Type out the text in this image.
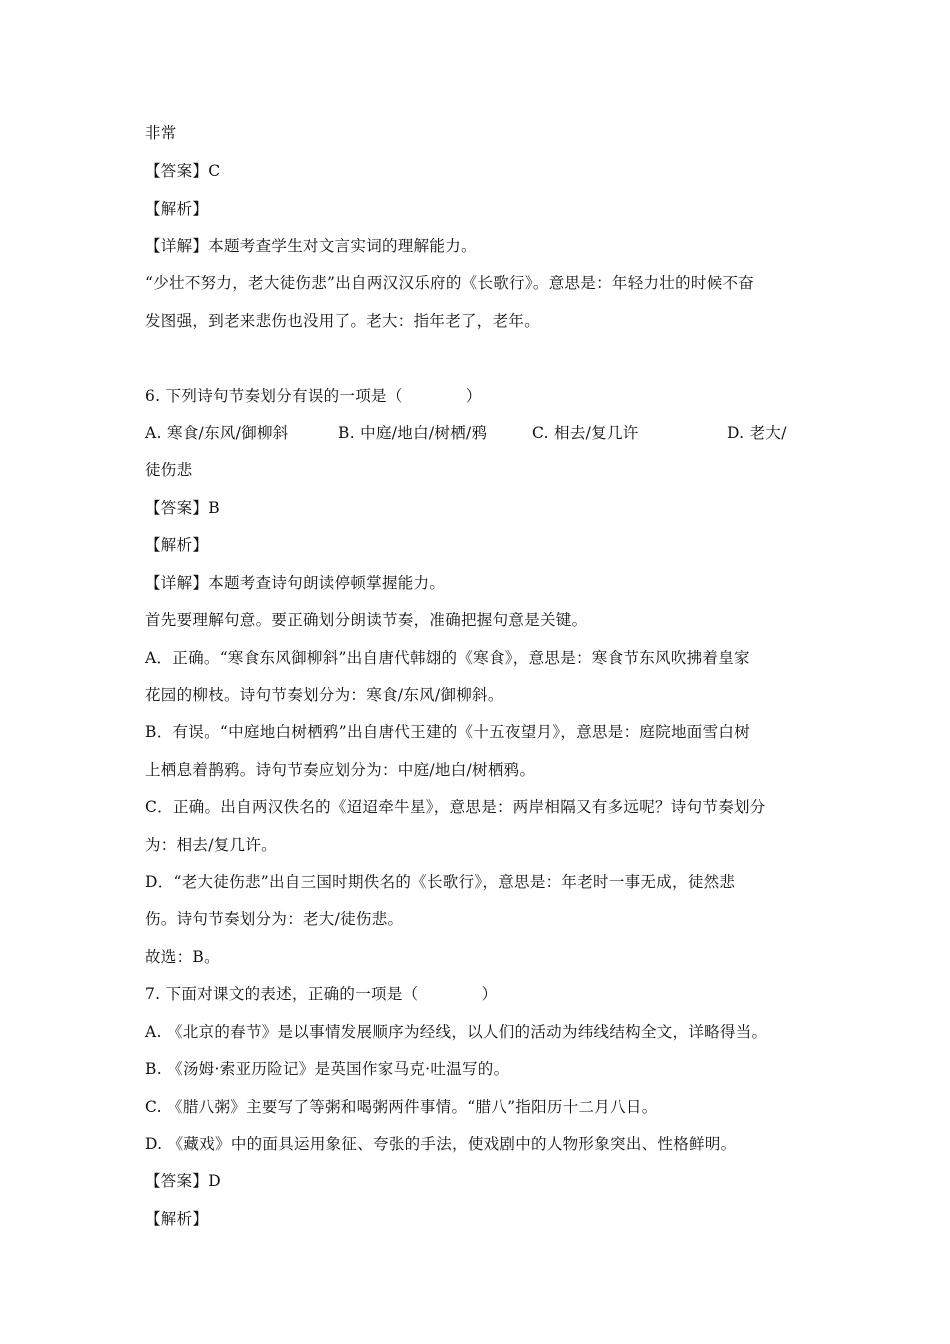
非常
【答案】C
【解析】
【详解】本题考查学生对文言实词的理解能力。
“少壮不努力，老大徒伤悲”出自两汉汉乐府的《长歌行》。意思是：年轻力壮的时候不奋
发图强，到老来悲伤也没用了。老大：指年老了，老年。
6. 下列诗句节奏划分有误的一项是（　　　　）
A. 寒食/东风/御柳斜	B. 中庭/地白/树栖/鸦	C. 相去/复几许	D. 老大/
徒伤悲
【答案】B
【解析】
【详解】本题考查诗句朗读停顿掌握能力。
首先要理解句意。要正确划分朗读节奏，准确把握句意是关键。
A．正确。“寒食东风御柳斜”出自唐代韩翃的《寒食》，意思是：寒食节东风吹拂着皇家
花园的柳枝。诗句节奏划分为：寒食/东风/御柳斜。
B．有误。“中庭地白树栖鸦”出自唐代王建的《十五夜望月》，意思是：庭院地面雪白树
上栖息着鹊鸦。诗句节奏应划分为：中庭/地白/树栖鸦。
C．正确。出自两汉佚名的《迢迢牵牛星》，意思是：两岸相隔又有多远呢？诗句节奏划分
为：相去/复几许。
D．“老大徒伤悲”出自三国时期佚名的《长歌行》，意思是：年老时一事无成，徒然悲
伤。诗句节奏划分为：老大/徒伤悲。
故选：B。
7. 下面对课文的表述，正确的一项是（　　　　）
A. 《北京的春节》是以事情发展顺序为经线，以人们的活动为纬线结构全文，详略得当。
B. 《汤姆·索亚历险记》是英国作家马克·吐温写的。
C. 《腊八粥》主要写了等粥和喝粥两件事情。“腊八”指阳历十二月八日。
D. 《藏戏》中的面具运用象征、夸张的手法，使戏剧中的人物形象突出、性格鲜明。
【答案】D
【解析】
